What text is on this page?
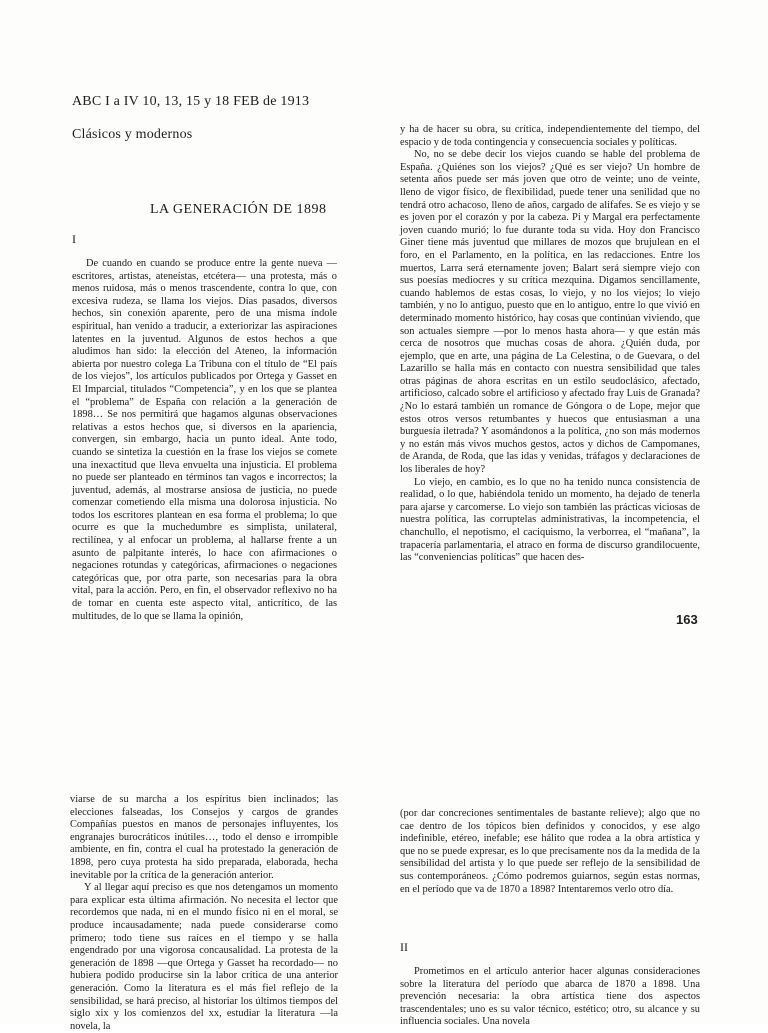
ABC I a IV 10, 13, 15 y 18 FEB de 1913
Clásicos y modernos
LA GENERACIÓN DE 1898
I

De cuando en cuando se produce entre la gente nueva —escritores, artistas, ateneístas, etcétera— una protesta, más o menos ruidosa, más o menos trascendente, contra lo que, con excesiva rudeza, se llama los viejos. Días pasados, diversos hechos, sin conexión aparente, pero de una misma índole espiritual, han venido a traducir, a exteriorizar las aspiraciones latentes en la juventud. Algunos de estos hechos a que aludimos han sido: la elección del Ateneo, la información abierta por nuestro colega La Tribuna con el título de “El país de los viejos”, los artículos publicados por Ortega y Gasset en El Imparcial, titulados “Competencia”, y en los que se plantea el “problema” de España con relación a la generación de 1898… Se nos permitirá que hagamos algunas observaciones relativas a estos hechos que, si diversos en la apariencia, convergen, sin embargo, hacia un punto ideal. Ante todo, cuando se sintetiza la cuestión en la frase los viejos se comete una inexactitud que lleva envuelta una injusticia. El problema no puede ser planteado en términos tan vagos e incorrectos; la juventud, además, al mostrarse ansiosa de justicia, no puede comenzar cometiendo ella misma una dolorosa injusticia. No todos los escritores plantean en esa forma el problema; lo que ocurre es que la muchedumbre es simplista, unilateral, rectilínea, y al enfocar un problema, al hallarse frente a un asunto de palpitante interés, lo hace con afirmaciones o negaciones rotundas y categóricas, afirmaciones o negaciones categóricas que, por otra parte, son necesarias para la obra vital, para la acción. Pero, en fin, el observador reflexivo no ha de tomar en cuenta este aspecto vital, anticrítico, de las multitudes, de lo que se llama la opinión,

y ha de hacer su obra, su crítica, independientemente del tiempo, del espacio y de toda contingencia y consecuencia sociales y políticas.

No, no se debe decir los viejos cuando se hable del problema de España. ¿Quiénes son los viejos? ¿Qué es ser viejo? Un hombre de setenta años puede ser más joven que otro de veinte; uno de veinte, lleno de vigor físico, de flexibilidad, puede tener una senilidad que no tendrá otro achacoso, lleno de años, cargado de alifafes. Se es viejo y se es joven por el corazón y por la cabeza. Pi y Margal era perfectamente joven cuando murió; lo fue durante toda su vida. Hoy don Francisco Giner tiene más juventud que millares de mozos que brujulean en el foro, en el Parlamento, en la política, en las redacciones. Entre los muertos, Larra será eternamente joven; Balart será siempre viejo con sus poesías mediocres y su crítica mezquina. Digamos sencillamente, cuando hablemos de estas cosas, lo viejo, y no los viejos; lo viejo también, y no lo antiguo, puesto que en lo antiguo, entre lo que vivió en determinado momento histórico, hay cosas que continúan viviendo, que son actuales siempre —por lo menos hasta ahora— y que están más cerca de nosotros que muchas cosas de ahora. ¿Quién duda, por ejemplo, que en arte, una página de La Celestina, o de Guevara, o del Lazarillo se halla más en contacto con nuestra sensibilidad que tales otras páginas de ahora escritas en un estilo seudoclásico, afectado, artificioso, calcado sobre el artificioso y afectado fray Luis de Granada? ¿No lo estará también un romance de Góngora o de Lope, mejor que estos otros versos retumbantes y huecos que entusiasman a una burguesía iletrada? Y asomándonos a la política, ¿no son más modernos y no están más vivos muchos gestos, actos y dichos de Campomanes, de Aranda, de Roda, que las idas y venidas, tráfagos y declaraciones de los liberales de hoy?

Lo viejo, en cambio, es lo que no ha tenido nunca consistencia de realidad, o lo que, habiéndola tenido un momento, ha dejado de tenerla para ajarse y carcomerse. Lo viejo son también las prácticas viciosas de nuestra política, las corruptelas administrativas, la incompetencia, el chanchullo, el nepotismo, el caciquismo, la verborrea, el “mañana”, la trapacería parlamentaria, el atraco en forma de discurso grandilocuente, las “conveniencias políticas” que hacen des-

163

viarse de su marcha a los espíritus bien inclinados; las elecciones falseadas, los Consejos y cargos de grandes Compañías puestos en manos de personajes influyentes, los engranajes burocráticos inútiles…, todo el denso e irrompible ambiente, en fin, contra el cual ha protestado la generación de 1898, pero cuya protesta ha sido preparada, elaborada, hecha inevitable por la crítica de la generación anterior.

Y al llegar aquí preciso es que nos detengamos un momento para explicar esta última afirmación. No necesita el lector que recordemos que nada, ni en el mundo físico ni en el moral, se produce incausadamente; nada puede considerarse como primero; todo tiene sus raíces en el tiempo y se halla engendrado por una vigorosa concausalidad. La protesta de la generación de 1898 —que Ortega y Gasset ha recordado— no hubiera podido producirse sin la labor crítica de una anterior generación. Como la literatura es el más fiel reflejo de la sensibilidad, se hará preciso, al historiar los últimos tiempos del siglo xix y los comienzos del xx, estudiar la literatura —la novela, la

(por dar concreciones sentimentales de bastante relieve); algo que no cae dentro de los tópicos bien definidos y conocidos, y ese algo indefinible, etéreo, inefable; ese hálito que rodea a la obra artística y que no se puede expresar, es lo que precisamente nos da la medida de la sensibilidad del artista y lo que puede ser reflejo de la sensibilidad de sus contemporáneos. ¿Cómo podremos guiarnos, según estas normas, en el período que va de 1870 a 1898? Intentaremos verlo otro día.

II

Prometimos en el artículo anterior hacer algunas consideraciones sobre la literatura del período que abarca de 1870 a 1898. Una prevención necesaria: la obra artística tiene dos aspectos trascendentales; uno es su valor técnico, estético; otro, su alcance y su influencia sociales. Una novela
